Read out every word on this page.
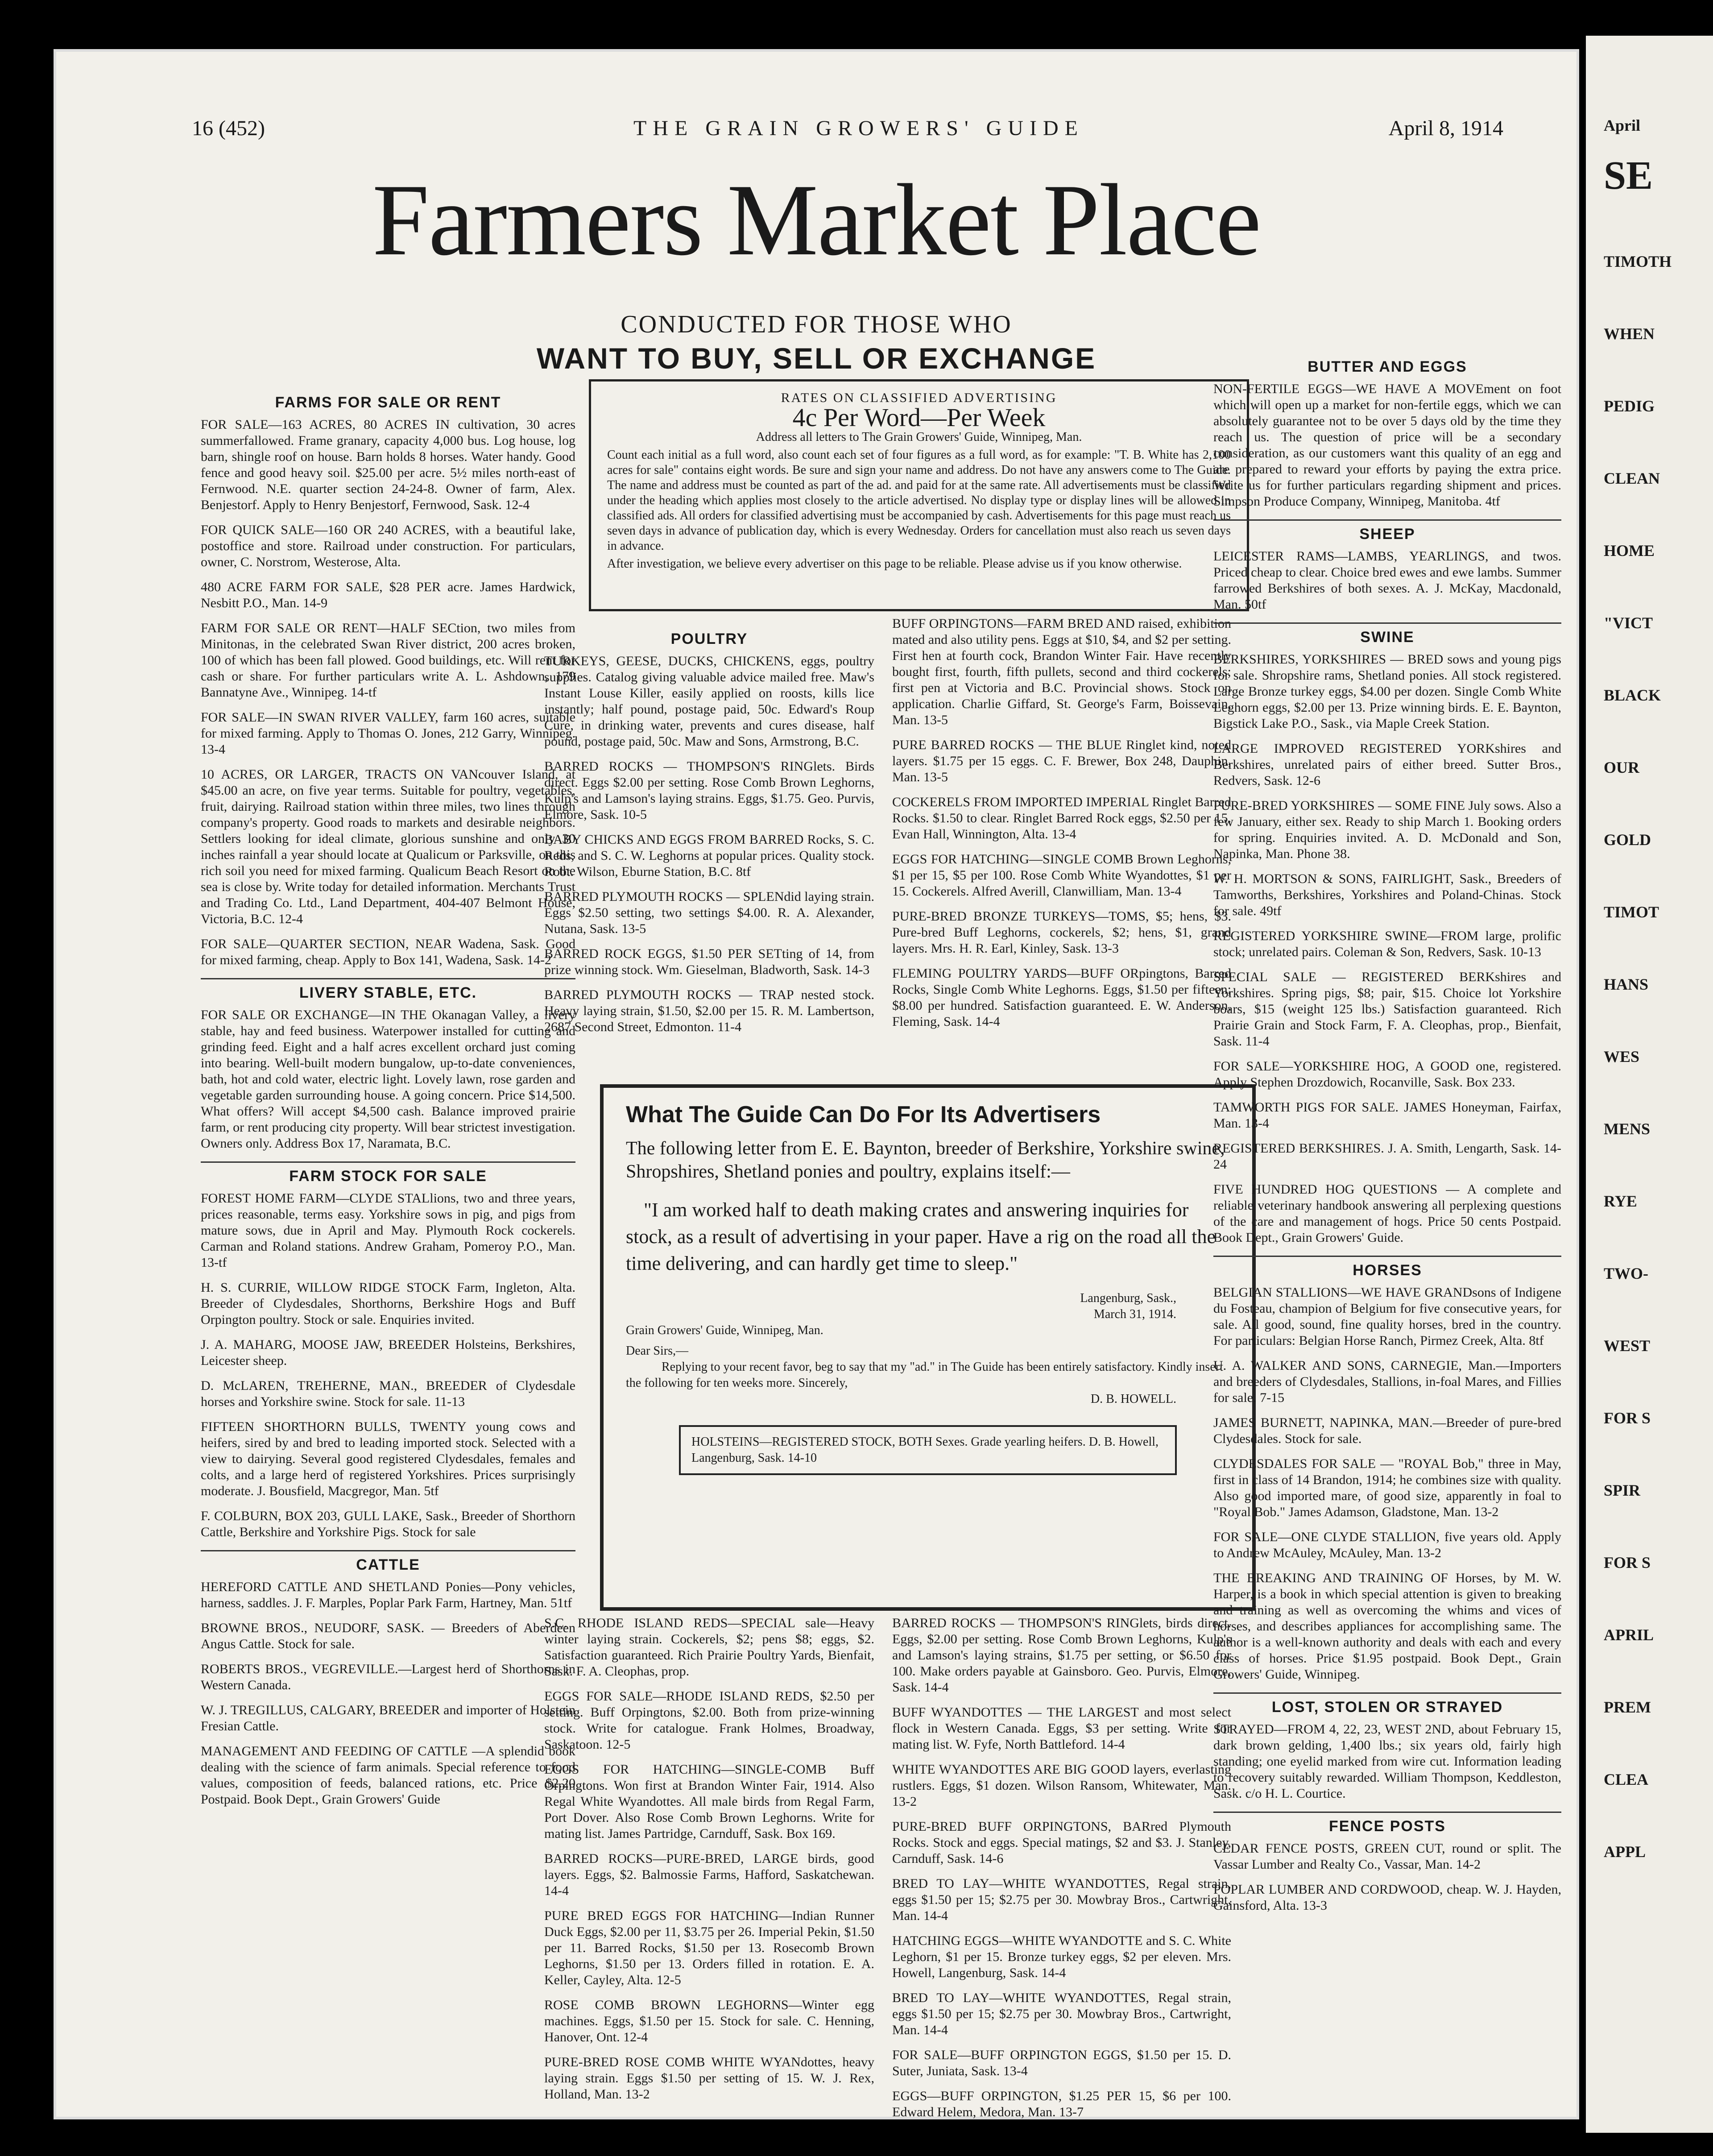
16 (452)	THE GRAIN GROWERS' GUIDE	April 8, 1914
Farmers Market Place
CONDUCTED FOR THOSE WHO
WANT TO BUY, SELL OR EXCHANGE
FARMS FOR SALE OR RENT
FOR SALE—163 ACRES, 80 ACRES IN cultivation, 30 acres summerfallowed. Frame granary, capacity 4,000 bus. Log house, log barn, shingle roof on house. Barn holds 8 horses. Water handy. Good fence and good heavy soil. $25.00 per acre. 5½ miles north-east of Fernwood. N.E. quarter section 24-24-8. Owner of farm, Alex. Benjestorf. Apply to Henry Benjestorf, Fernwood, Sask. 12-4
FOR QUICK SALE—160 OR 240 ACRES, with a beautiful lake, postoffice and store. Railroad under construction. For particulars, owner, C. Norstrom, Westerose, Alta.
480 ACRE FARM FOR SALE, $28 PER acre. James Hardwick, Nesbitt P.O., Man. 14-9
FARM FOR SALE OR RENT—HALF SECtion, two miles from Minitonas, in the celebrated Swan River district, 200 acres broken, 100 of which has been fall plowed. Good buildings, etc. Will rent for cash or share. For further particulars write A. L. Ashdown, 179 Bannatyne Ave., Winnipeg. 14-tf
FOR SALE—IN SWAN RIVER VALLEY, farm 160 acres, suitable for mixed farming. Apply to Thomas O. Jones, 212 Garry, Winnipeg. 13-4
10 ACRES, OR LARGER, TRACTS ON VANcouver Island, at $45.00 an acre, on five year terms. Suitable for poultry, vegetables, fruit, dairying. Railroad station within three miles, two lines through company's property. Good roads to markets and desirable neighbors. Settlers looking for ideal climate, glorious sunshine and only 30 inches rainfall a year should locate at Qualicum or Parksville, on this rich soil you need for mixed farming. Qualicum Beach Resort on the sea is close by. Write today for detailed information. Merchants Trust and Trading Co. Ltd., Land Department, 404-407 Belmont House, Victoria, B.C. 12-4
FOR SALE—QUARTER SECTION, NEAR Wadena, Sask. Good for mixed farming, cheap. Apply to Box 141, Wadena, Sask. 14-2
LIVERY STABLE, ETC.
FOR SALE OR EXCHANGE—IN THE Okanagan Valley, a livery stable, hay and feed business. Waterpower installed for cutting and grinding feed. Eight and a half acres excellent orchard just coming into bearing. Well-built modern bungalow, up-to-date conveniences, bath, hot and cold water, electric light. Lovely lawn, rose garden and vegetable garden surrounding house. A going concern. Price $14,500. What offers? Will accept $4,500 cash. Balance improved prairie farm, or rent producing city property. Will bear strictest investigation. Owners only. Address Box 17, Naramata, B.C.
FARM STOCK FOR SALE
FOREST HOME FARM—CLYDE STALlions, two and three years, prices reasonable, terms easy. Yorkshire sows in pig, and pigs from mature sows, due in April and May. Plymouth Rock cockerels. Carman and Roland stations. Andrew Graham, Pomeroy P.O., Man. 13-tf
H. S. CURRIE, WILLOW RIDGE STOCK Farm, Ingleton, Alta. Breeder of Clydesdales, Shorthorns, Berkshire Hogs and Buff Orpington poultry. Stock or sale. Enquiries invited.
J. A. MAHARG, MOOSE JAW, BREEDER Holsteins, Berkshires, Leicester sheep.
D. McLAREN, TREHERNE, MAN., BREEDER of Clydesdale horses and Yorkshire swine. Stock for sale. 11-13
FIFTEEN SHORTHORN BULLS, TWENTY young cows and heifers, sired by and bred to leading imported stock. Selected with a view to dairying. Several good registered Clydesdales, females and colts, and a large herd of registered Yorkshires. Prices surprisingly moderate. J. Bousfield, Macgregor, Man. 5tf
F. COLBURN, BOX 203, GULL LAKE, Sask., Breeder of Shorthorn Cattle, Berkshire and Yorkshire Pigs. Stock for sale
CATTLE
HEREFORD CATTLE AND SHETLAND Ponies—Pony vehicles, harness, saddles. J. F. Marples, Poplar Park Farm, Hartney, Man. 51tf
BROWNE BROS., NEUDORF, SASK. — Breeders of Aberdeen Angus Cattle. Stock for sale.
ROBERTS BROS., VEGREVILLE.—Largest herd of Shorthorns in Western Canada.
W. J. TREGILLUS, CALGARY, BREEDER and importer of Holstein Fresian Cattle.
MANAGEMENT AND FEEDING OF CATTLE —A splendid book dealing with the science of farm animals. Special reference to food values, composition of feeds, balanced rations, etc. Price $2.20 Postpaid. Book Dept., Grain Growers' Guide
RATES ON CLASSIFIED ADVERTISING
4c Per Word—Per Week

Address all letters to The Grain Growers' Guide, Winnipeg, Man.

Count each initial as a full word, also count each set of four figures as a full word, as for example: "T. B. White has 2,100 acres for sale" contains eight words. Be sure and sign your name and address. Do not have any answers come to The Guide. The name and address must be counted as part of the ad. and paid for at the same rate. All advertisements must be classified under the heading which applies most closely to the article advertised. No display type or display lines will be allowed in classified ads. All orders for classified advertising must be accompanied by cash. Advertisements for this page must reach us seven days in advance of publication day, which is every Wednesday. Orders for cancellation must also reach us seven days in advance.

After investigation, we believe every advertiser on this page to be reliable. Please advise us if you know otherwise.

POULTRY
TURKEYS, GEESE, DUCKS, CHICKENS, eggs, poultry supplies. Catalog giving valuable advice mailed free. Maw's Instant Louse Killer, easily applied on roosts, kills lice instantly; half pound, postage paid, 50c. Edward's Roup Cure, in drinking water, prevents and cures disease, half pound, postage paid, 50c. Maw and Sons, Armstrong, B.C.
BARRED ROCKS — THOMPSON'S RINGlets. Birds direct. Eggs $2.00 per setting. Rose Comb Brown Leghorns, Kulp's and Lamson's laying strains. Eggs, $1.75. Geo. Purvis, Elmore, Sask. 10-5
BABY CHICKS AND EGGS FROM BARRED Rocks, S. C. Reds, and S. C. W. Leghorns at popular prices. Quality stock. Robt. Wilson, Eburne Station, B.C. 8tf
BARRED PLYMOUTH ROCKS — SPLENdid laying strain. Eggs $2.50 setting, two settings $4.00. R. A. Alexander, Nutana, Sask. 13-5
BARRED ROCK EGGS, $1.50 PER SETting of 14, from prize winning stock. Wm. Gieselman, Bladworth, Sask. 14-3
BARRED PLYMOUTH ROCKS — TRAP nested stock. Heavy laying strain, $1.50, $2.00 per 15. R. M. Lambertson, 2687 Second Street, Edmonton. 11-4
BUFF ORPINGTONS—FARM BRED AND raised, exhibition mated and also utility pens. Eggs at $10, $4, and $2 per setting. First hen at fourth cock, Brandon Winter Fair. Have recently bought first, fourth, fifth pullets, second and third cockerels; first pen at Victoria and B.C. Provincial shows. Stock on application. Charlie Giffard, St. George's Farm, Boissevain, Man. 13-5
PURE BARRED ROCKS — THE BLUE Ringlet kind, noted layers. $1.75 per 15 eggs. C. F. Brewer, Box 248, Dauphin, Man. 13-5
COCKERELS FROM IMPORTED IMPERIAL Ringlet Barred Rocks. $1.50 to clear. Ringlet Barred Rock eggs, $2.50 per 15. Evan Hall, Winnington, Alta. 13-4
EGGS FOR HATCHING—SINGLE COMB Brown Leghorns, $1 per 15, $5 per 100. Rose Comb White Wyandottes, $1 per 15. Cockerels. Alfred Averill, Clanwilliam, Man. 13-4
PURE-BRED BRONZE TURKEYS—TOMS, $5; hens, $3. Pure-bred Buff Leghorns, cockerels, $2; hens, $1, grand layers. Mrs. H. R. Earl, Kinley, Sask. 13-3
FLEMING POULTRY YARDS—BUFF ORpingtons, Barred Rocks, Single Comb White Leghorns. Eggs, $1.50 per fifteen; $8.00 per hundred. Satisfaction guaranteed. E. W. Anderson, Fleming, Sask. 14-4
What The Guide Can Do For Its Advertisers
The following letter from E. E. Baynton, breeder of Berkshire, Yorkshire swine, Shropshires, Shetland ponies and poultry, explains itself:—
"I am worked half to death making crates and answering inquiries for stock, as a result of advertising in your paper. Have a rig on the road all the time delivering, and can hardly get time to sleep."
Langenburg, Sask.,
March 31, 1914.
Grain Growers' Guide, Winnipeg, Man.
Dear Sirs,—
Replying to your recent favor, beg to say that my "ad." in The Guide has been entirely satisfactory. Kindly insert the following for ten weeks more. Sincerely,
D. B. HOWELL.
HOLSTEINS—REGISTERED STOCK, BOTH Sexes. Grade yearling heifers. D. B. Howell, Langenburg, Sask. 14-10
S.C. RHODE ISLAND REDS—SPECIAL sale—Heavy winter laying strain. Cockerels, $2; pens $8; eggs, $2. Satisfaction guaranteed. Rich Prairie Poultry Yards, Bienfait, Sask. F. A. Cleophas, prop.
EGGS FOR SALE—RHODE ISLAND REDS, $2.50 per setting. Buff Orpingtons, $2.00. Both from prize-winning stock. Write for catalogue. Frank Holmes, Broadway, Saskatoon. 12-5
EGGS FOR HATCHING—SINGLE-COMB Buff Orpingtons. Won first at Brandon Winter Fair, 1914. Also Regal White Wyandottes. All male birds from Regal Farm, Port Dover. Also Rose Comb Brown Leghorns. Write for mating list. James Partridge, Carnduff, Sask. Box 169.
BARRED ROCKS—PURE-BRED, LARGE birds, good layers. Eggs, $2. Balmossie Farms, Hafford, Saskatchewan. 14-4
PURE BRED EGGS FOR HATCHING—Indian Runner Duck Eggs, $2.00 per 11, $3.75 per 26. Imperial Pekin, $1.50 per 11. Barred Rocks, $1.50 per 13. Rosecomb Brown Leghorns, $1.50 per 13. Orders filled in rotation. E. A. Keller, Cayley, Alta. 12-5
ROSE COMB BROWN LEGHORNS—Winter egg machines. Eggs, $1.50 per 15. Stock for sale. C. Henning, Hanover, Ont. 12-4
PURE-BRED ROSE COMB WHITE WYANdottes, heavy laying strain. Eggs $1.50 per setting of 15. W. J. Rex, Holland, Man. 13-2
BARRED ROCKS — THOMPSON'S RINGlets, birds direct. Eggs, $2.00 per setting. Rose Comb Brown Leghorns, Kulp's and Lamson's laying strains, $1.75 per setting, or $6.50 for 100. Make orders payable at Gainsboro. Geo. Purvis, Elmore, Sask. 14-4
BUFF WYANDOTTES — THE LARGEST and most select flock in Western Canada. Eggs, $3 per setting. Write for mating list. W. Fyfe, North Battleford. 14-4
WHITE WYANDOTTES ARE BIG GOOD layers, everlasting rustlers. Eggs, $1 dozen. Wilson Ransom, Whitewater, Man. 13-2
PURE-BRED BUFF ORPINGTONS, BARred Plymouth Rocks. Stock and eggs. Special matings, $2 and $3. J. Stanley, Carnduff, Sask. 14-6
BRED TO LAY—WHITE WYANDOTTES, Regal strain, eggs $1.50 per 15; $2.75 per 30. Mowbray Bros., Cartwright, Man. 14-4
HATCHING EGGS—WHITE WYANDOTTE and S. C. White Leghorn, $1 per 15. Bronze turkey eggs, $2 per eleven. Mrs. Howell, Langenburg, Sask. 14-4
BRED TO LAY—WHITE WYANDOTTES, Regal strain, eggs $1.50 per 15; $2.75 per 30. Mowbray Bros., Cartwright, Man. 14-4
FOR SALE—BUFF ORPINGTON EGGS, $1.50 per 15. D. Suter, Juniata, Sask. 13-4
EGGS—BUFF ORPINGTON, $1.25 PER 15, $6 per 100. Edward Helem, Medora, Man. 13-7
BUTTER AND EGGS
NON-FERTILE EGGS—WE HAVE A MOVEment on foot which will open up a market for non-fertile eggs, which we can absolutely guarantee not to be over 5 days old by the time they reach us. The question of price will be a secondary consideration, as our customers want this quality of an egg and are prepared to reward your efforts by paying the extra price. Write us for further particulars regarding shipment and prices. Simpson Produce Company, Winnipeg, Manitoba. 4tf
SHEEP
LEICESTER RAMS—LAMBS, YEARLINGS, and twos. Priced cheap to clear. Choice bred ewes and ewe lambs. Summer farrowed Berkshires of both sexes. A. J. McKay, Macdonald, Man. 50tf
SWINE
BERKSHIRES, YORKSHIRES — BRED sows and young pigs for sale. Shropshire rams, Shetland ponies. All stock registered. Large Bronze turkey eggs, $4.00 per dozen. Single Comb White Leghorn eggs, $2.00 per 13. Prize winning birds. E. E. Baynton, Bigstick Lake P.O., Sask., via Maple Creek Station.
LARGE IMPROVED REGISTERED YORKshires and Berkshires, unrelated pairs of either breed. Sutter Bros., Redvers, Sask. 12-6
PURE-BRED YORKSHIRES — SOME FINE July sows. Also a few January, either sex. Ready to ship March 1. Booking orders for spring. Enquiries invited. A. D. McDonald and Son, Napinka, Man. Phone 38.
W. H. MORTSON & SONS, FAIRLIGHT, Sask., Breeders of Tamworths, Berkshires, Yorkshires and Poland-Chinas. Stock for sale. 49tf
REGISTERED YORKSHIRE SWINE—FROM large, prolific stock; unrelated pairs. Coleman & Son, Redvers, Sask. 10-13
SPECIAL SALE — REGISTERED BERKshires and Yorkshires. Spring pigs, $8; pair, $15. Choice lot Yorkshire boars, $15 (weight 125 lbs.) Satisfaction guaranteed. Rich Prairie Grain and Stock Farm, F. A. Cleophas, prop., Bienfait, Sask. 11-4
FOR SALE—YORKSHIRE HOG, A GOOD one, registered. Apply Stephen Drozdowich, Rocanville, Sask. Box 233.
TAMWORTH PIGS FOR SALE. JAMES Honeyman, Fairfax, Man. 13-4
REGISTERED BERKSHIRES. J. A. Smith, Lengarth, Sask. 14-24
FIVE HUNDRED HOG QUESTIONS — A complete and reliable veterinary handbook answering all perplexing questions of the care and management of hogs. Price 50 cents Postpaid. Book Dept., Grain Growers' Guide.
HORSES
BELGIAN STALLIONS—WE HAVE GRANDsons of Indigene du Fosteau, champion of Belgium for five consecutive years, for sale. All good, sound, fine quality horses, bred in the country. For particulars: Belgian Horse Ranch, Pirmez Creek, Alta. 8tf
U. A. WALKER AND SONS, CARNEGIE, Man.—Importers and breeders of Clydesdales, Stallions, in-foal Mares, and Fillies for sale. 7-15
JAMES BURNETT, NAPINKA, MAN.—Breeder of pure-bred Clydesdales. Stock for sale.
CLYDESDALES FOR SALE — "ROYAL Bob," three in May, first in class of 14 Brandon, 1914; he combines size with quality. Also good imported mare, of good size, apparently in foal to "Royal Bob." James Adamson, Gladstone, Man. 13-2
FOR SALE—ONE CLYDE STALLION, five years old. Apply to Andrew McAuley, McAuley, Man. 13-2
THE BREAKING AND TRAINING OF Horses, by M. W. Harper, is a book in which special attention is given to breaking and training as well as overcoming the whims and vices of horses, and describes appliances for accomplishing same. The author is a well-known authority and deals with each and every class of horses. Price $1.95 postpaid. Book Dept., Grain Growers' Guide, Winnipeg.
LOST, STOLEN OR STRAYED
STRAYED—FROM 4, 22, 23, WEST 2ND, about February 15, dark brown gelding, 1,400 lbs.; six years old, fairly high standing; one eyelid marked from wire cut. Information leading to recovery suitably rewarded. William Thompson, Keddleston, Sask. c/o H. L. Courtice.
FENCE POSTS
CEDAR FENCE POSTS, GREEN CUT, round or split. The Vassar Lumber and Realty Co., Vassar, Man. 14-2
POPLAR LUMBER AND CORDWOOD, cheap. W. J. Hayden, Gainsford, Alta. 13-3
April
SE
TIMOTH
WHEN
PEDIG
CLEAN
HOME
"VICT
BLACK
OUR
GOLD
TIMOT
HANS
WES
MENS
RYE
TWO-
WEST
FOR S
SPIR
FOR S
APRIL
PREM
CLEA
APPL
